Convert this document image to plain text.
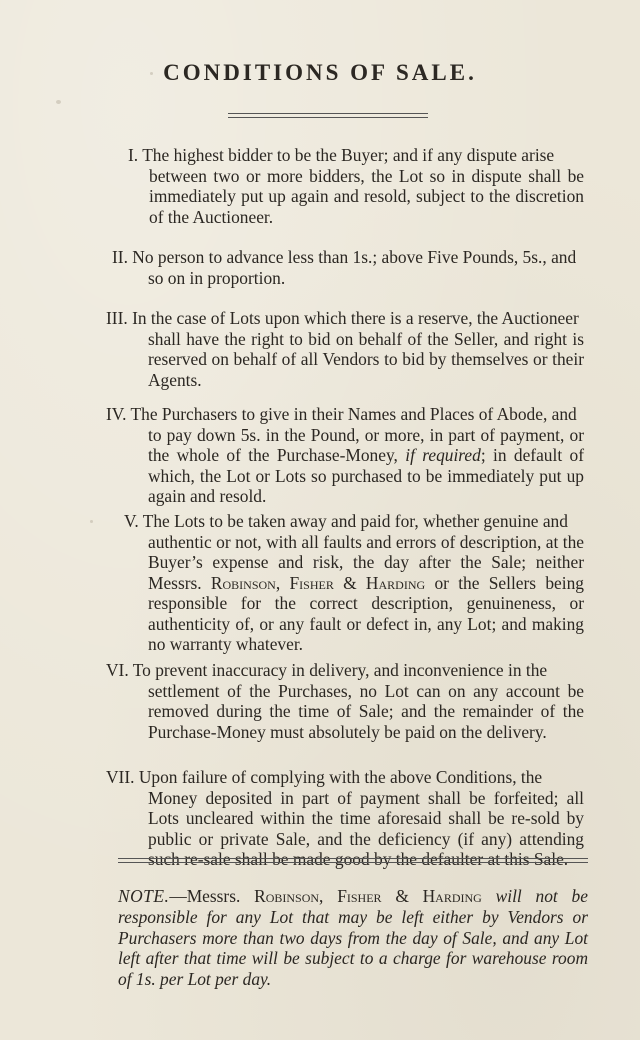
CONDITIONS OF SALE.
I. The highest bidder to be the Buyer; and if any dispute arise
between two or more bidders, the Lot so in dispute shall be immediately put up again and resold, subject to the discretion of the Auctioneer.
II. No person to advance less than 1s.; above Five Pounds, 5s., and
so on in proportion.
III. In the case of Lots upon which there is a reserve, the Auctioneer
shall have the right to bid on behalf of the Seller, and right is reserved on behalf of all Vendors to bid by themselves or their Agents.
IV. The Purchasers to give in their Names and Places of Abode, and
to pay down 5s. in the Pound, or more, in part of payment, or the whole of the Purchase-Money, if required; in default of which, the Lot or Lots so purchased to be immediately put up again and resold.
V. The Lots to be taken away and paid for, whether genuine and
authentic or not, with all faults and errors of description, at the Buyer’s expense and risk, the day after the Sale; neither Messrs. Robinson, Fisher & Harding or the Sellers being responsible for the correct description, genuineness, or authenticity of, or any fault or defect in, any Lot; and making no warranty whatever.
VI. To prevent inaccuracy in delivery, and inconvenience in the
settlement of the Purchases, no Lot can on any account be removed during the time of Sale; and the remainder of the Purchase-Money must absolutely be paid on the delivery.
VII. Upon failure of complying with the above Conditions, the
Money deposited in part of payment shall be forfeited; all Lots uncleared within the time aforesaid shall be re-sold by public or private Sale, and the deficiency (if any) attending such re-sale shall be made good by the defaulter at this Sale.
NOTE.—Messrs. Robinson, Fisher & Harding will not be responsible for any Lot that may be left either by Vendors or Purchasers more than two days from the day of Sale, and any Lot left after that time will be subject to a charge for warehouse room of 1s. per Lot per day.
